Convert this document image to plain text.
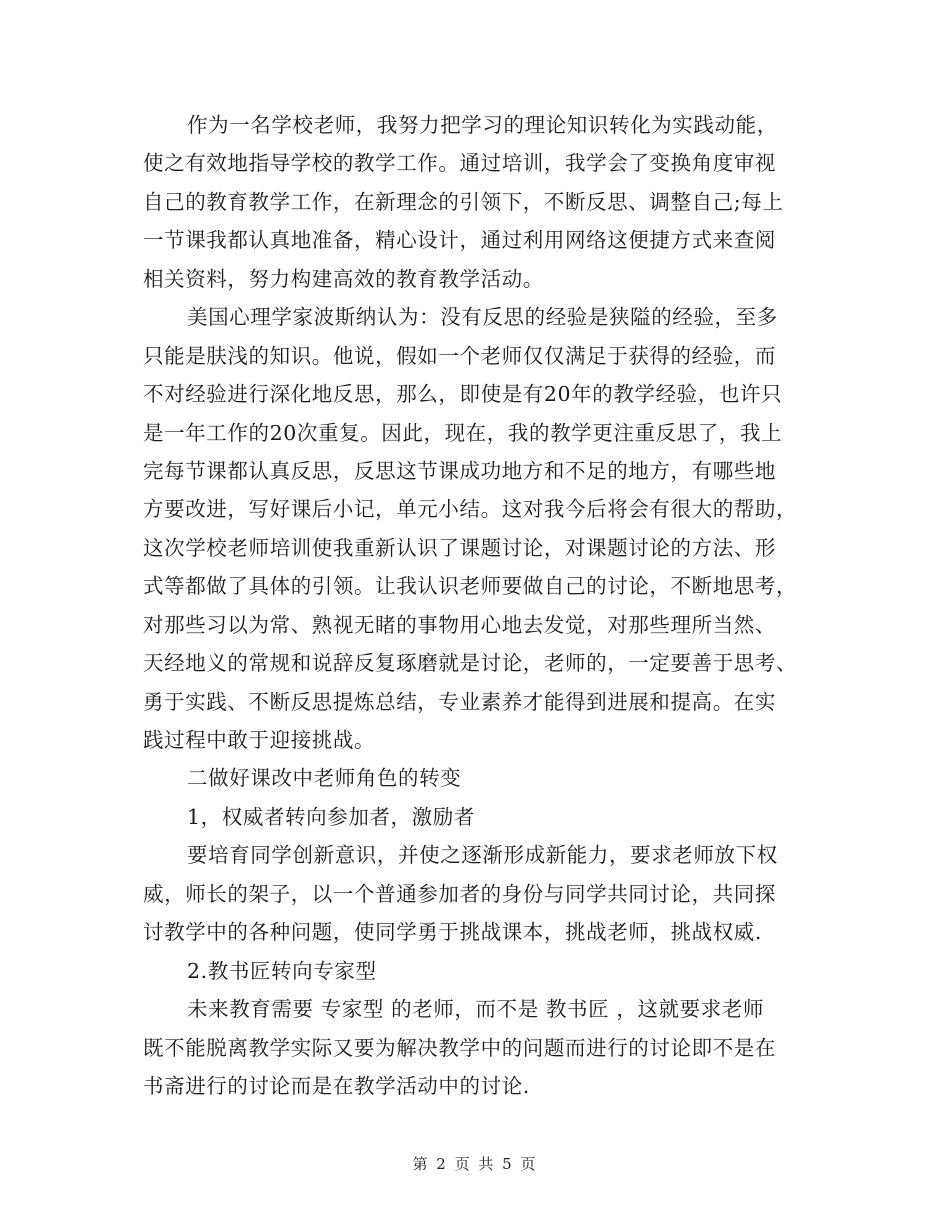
作为一名学校老师，我努力把学习的理论知识转化为实践动能，
使之有效地指导学校的教学工作。通过培训，我学会了变换角度审视
自己的教育教学工作，在新理念的引领下，不断反思、调整自己;每上
一节课我都认真地准备，精心设计，通过利用网络这便捷方式来查阅
相关资料，努力构建高效的教育教学活动。
美国心理学家波斯纳认为：没有反思的经验是狭隘的经验，至多
只能是肤浅的知识。他说，假如一个老师仅仅满足于获得的经验，而
不对经验进行深化地反思，那么，即使是有20年的教学经验，也许只
是一年工作的20次重复。因此，现在，我的教学更注重反思了，我上
完每节课都认真反思，反思这节课成功地方和不足的地方，有哪些地
方要改进，写好课后小记，单元小结。这对我今后将会有很大的帮助，
这次学校老师培训使我重新认识了课题讨论，对课题讨论的方法、形
式等都做了具体的引领。让我认识老师要做自己的讨论，不断地思考，
对那些习以为常、熟视无睹的事物用心地去发觉，对那些理所当然、
天经地义的常规和说辞反复琢磨就是讨论，老师的，一定要善于思考、
勇于实践、不断反思提炼总结，专业素养才能得到进展和提高。在实
践过程中敢于迎接挑战。
二做好课改中老师角色的转变
1，权威者转向参加者，激励者
要培育同学创新意识，并使之逐渐形成新能力，要求老师放下权
威，师长的架子，以一个普通参加者的身份与同学共同讨论，共同探
讨教学中的各种问题，使同学勇于挑战课本，挑战老师，挑战权威.
2.教书匠转向专家型
未来教育需要 专家型 的老师，而不是 教书匠 ，这就要求老师
既不能脱离教学实际又要为解决教学中的问题而进行的讨论即不是在
书斋进行的讨论而是在教学活动中的讨论.
第 2 页 共 5 页
